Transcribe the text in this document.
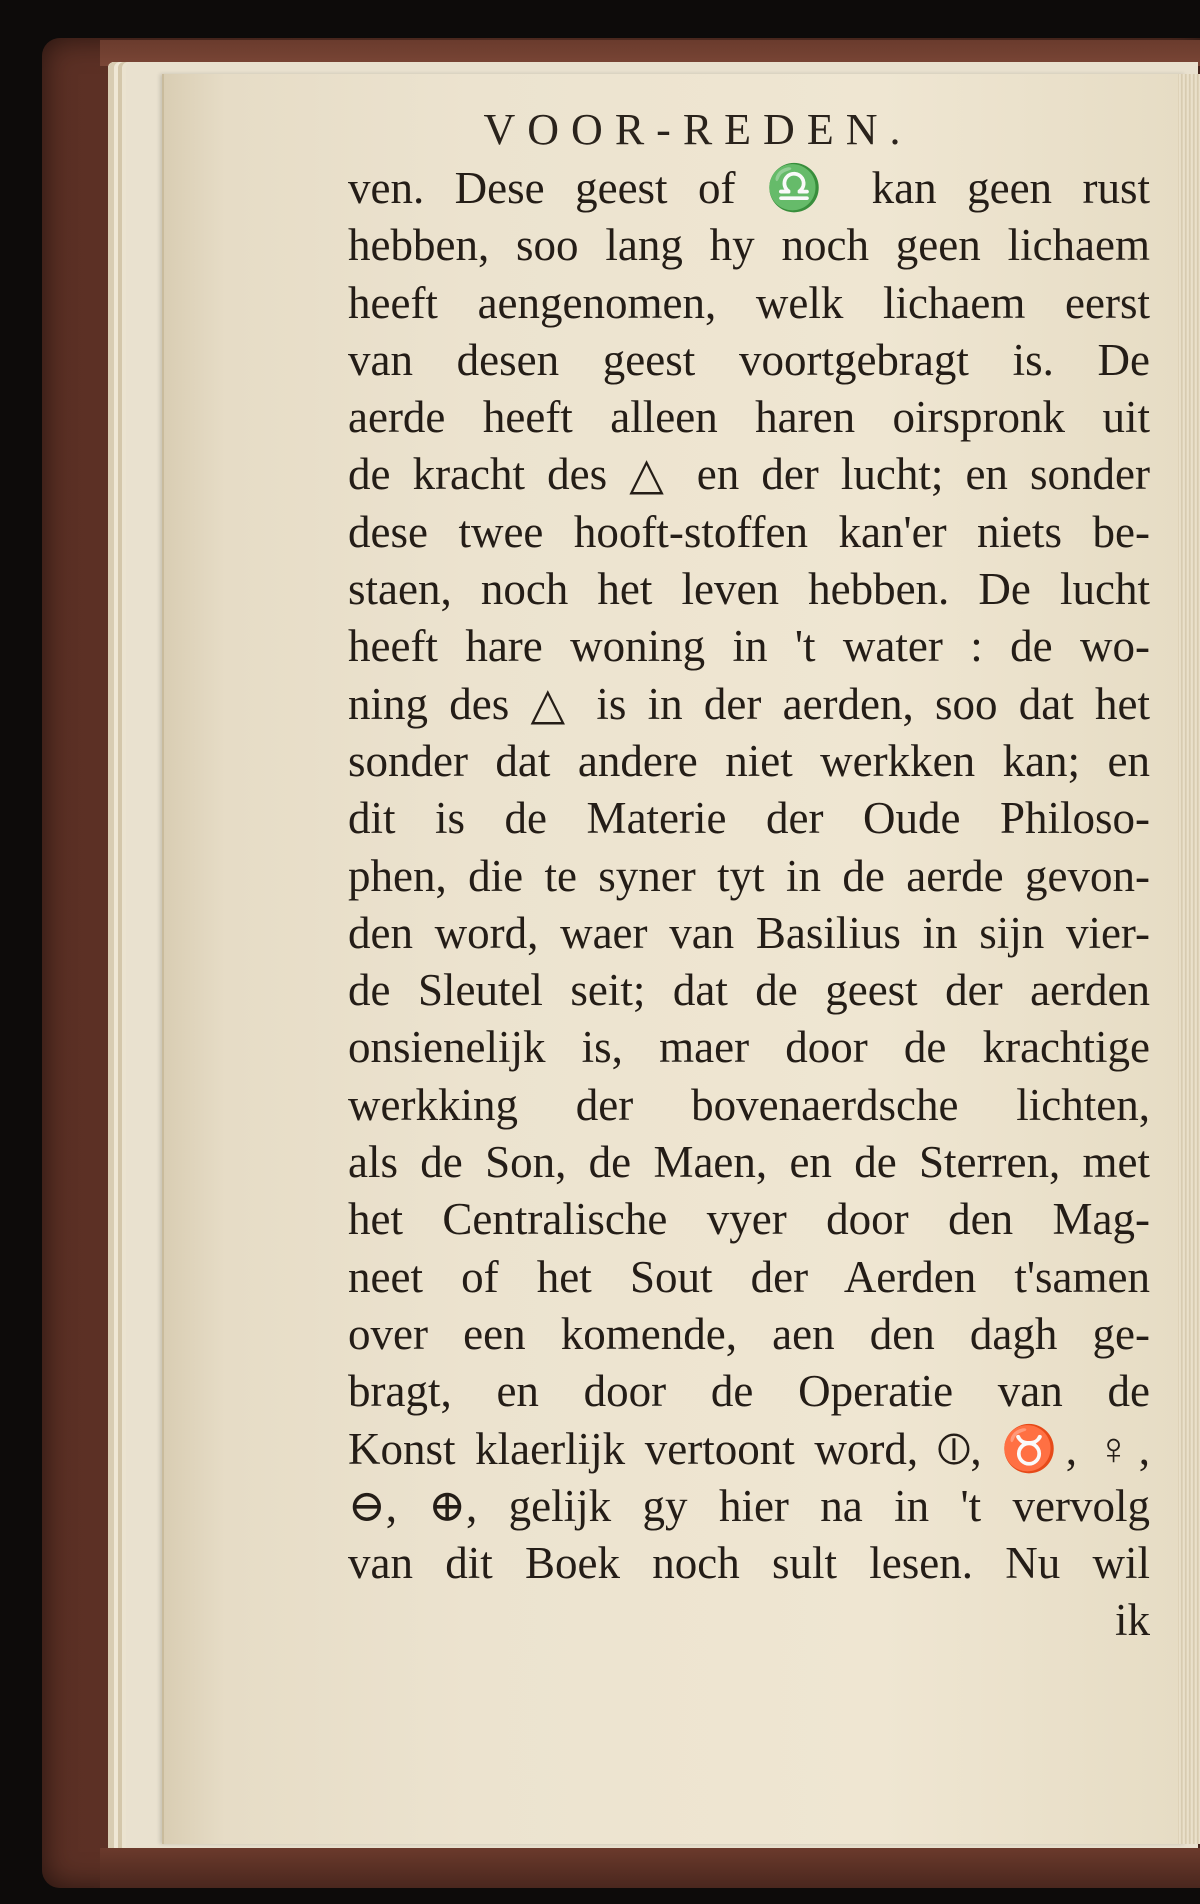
VOOR-REDEN.
ven. Dese geest of ♎ kan geen rust
hebben, soo lang hy noch geen lichaem
heeft aengenomen, welk lichaem eerst
van desen geest voortgebragt is. De
aerde heeft alleen haren oirspronk uit
de kracht des △ en der lucht; en sonder
dese twee hooft-stoffen kan'er niets be-
staen, noch het leven hebben. De lucht
heeft hare woning in 't water : de wo-
ning des △ is in der aerden, soo dat het
sonder dat andere niet werkken kan; en
dit is de Materie der Oude Philoso-
phen, die te syner tyt in de aerde gevon-
den word, waer van Basilius in sijn vier-
de Sleutel seit; dat de geest der aerden
onsienelijk is, maer door de krachtige
werkking der bovenaerdsche lichten,
als de Son, de Maen, en de Sterren, met
het Centralische vyer door den Mag-
neet of het Sout der Aerden t'samen
over een komende, aen den dagh ge-
bragt, en door de Operatie van de
Konst klaerlijk vertoont word, ⦶, ♉, ♀,
⊖, ⊕, gelijk gy hier na in 't vervolg
van dit Boek noch sult lesen. Nu wil
ik
